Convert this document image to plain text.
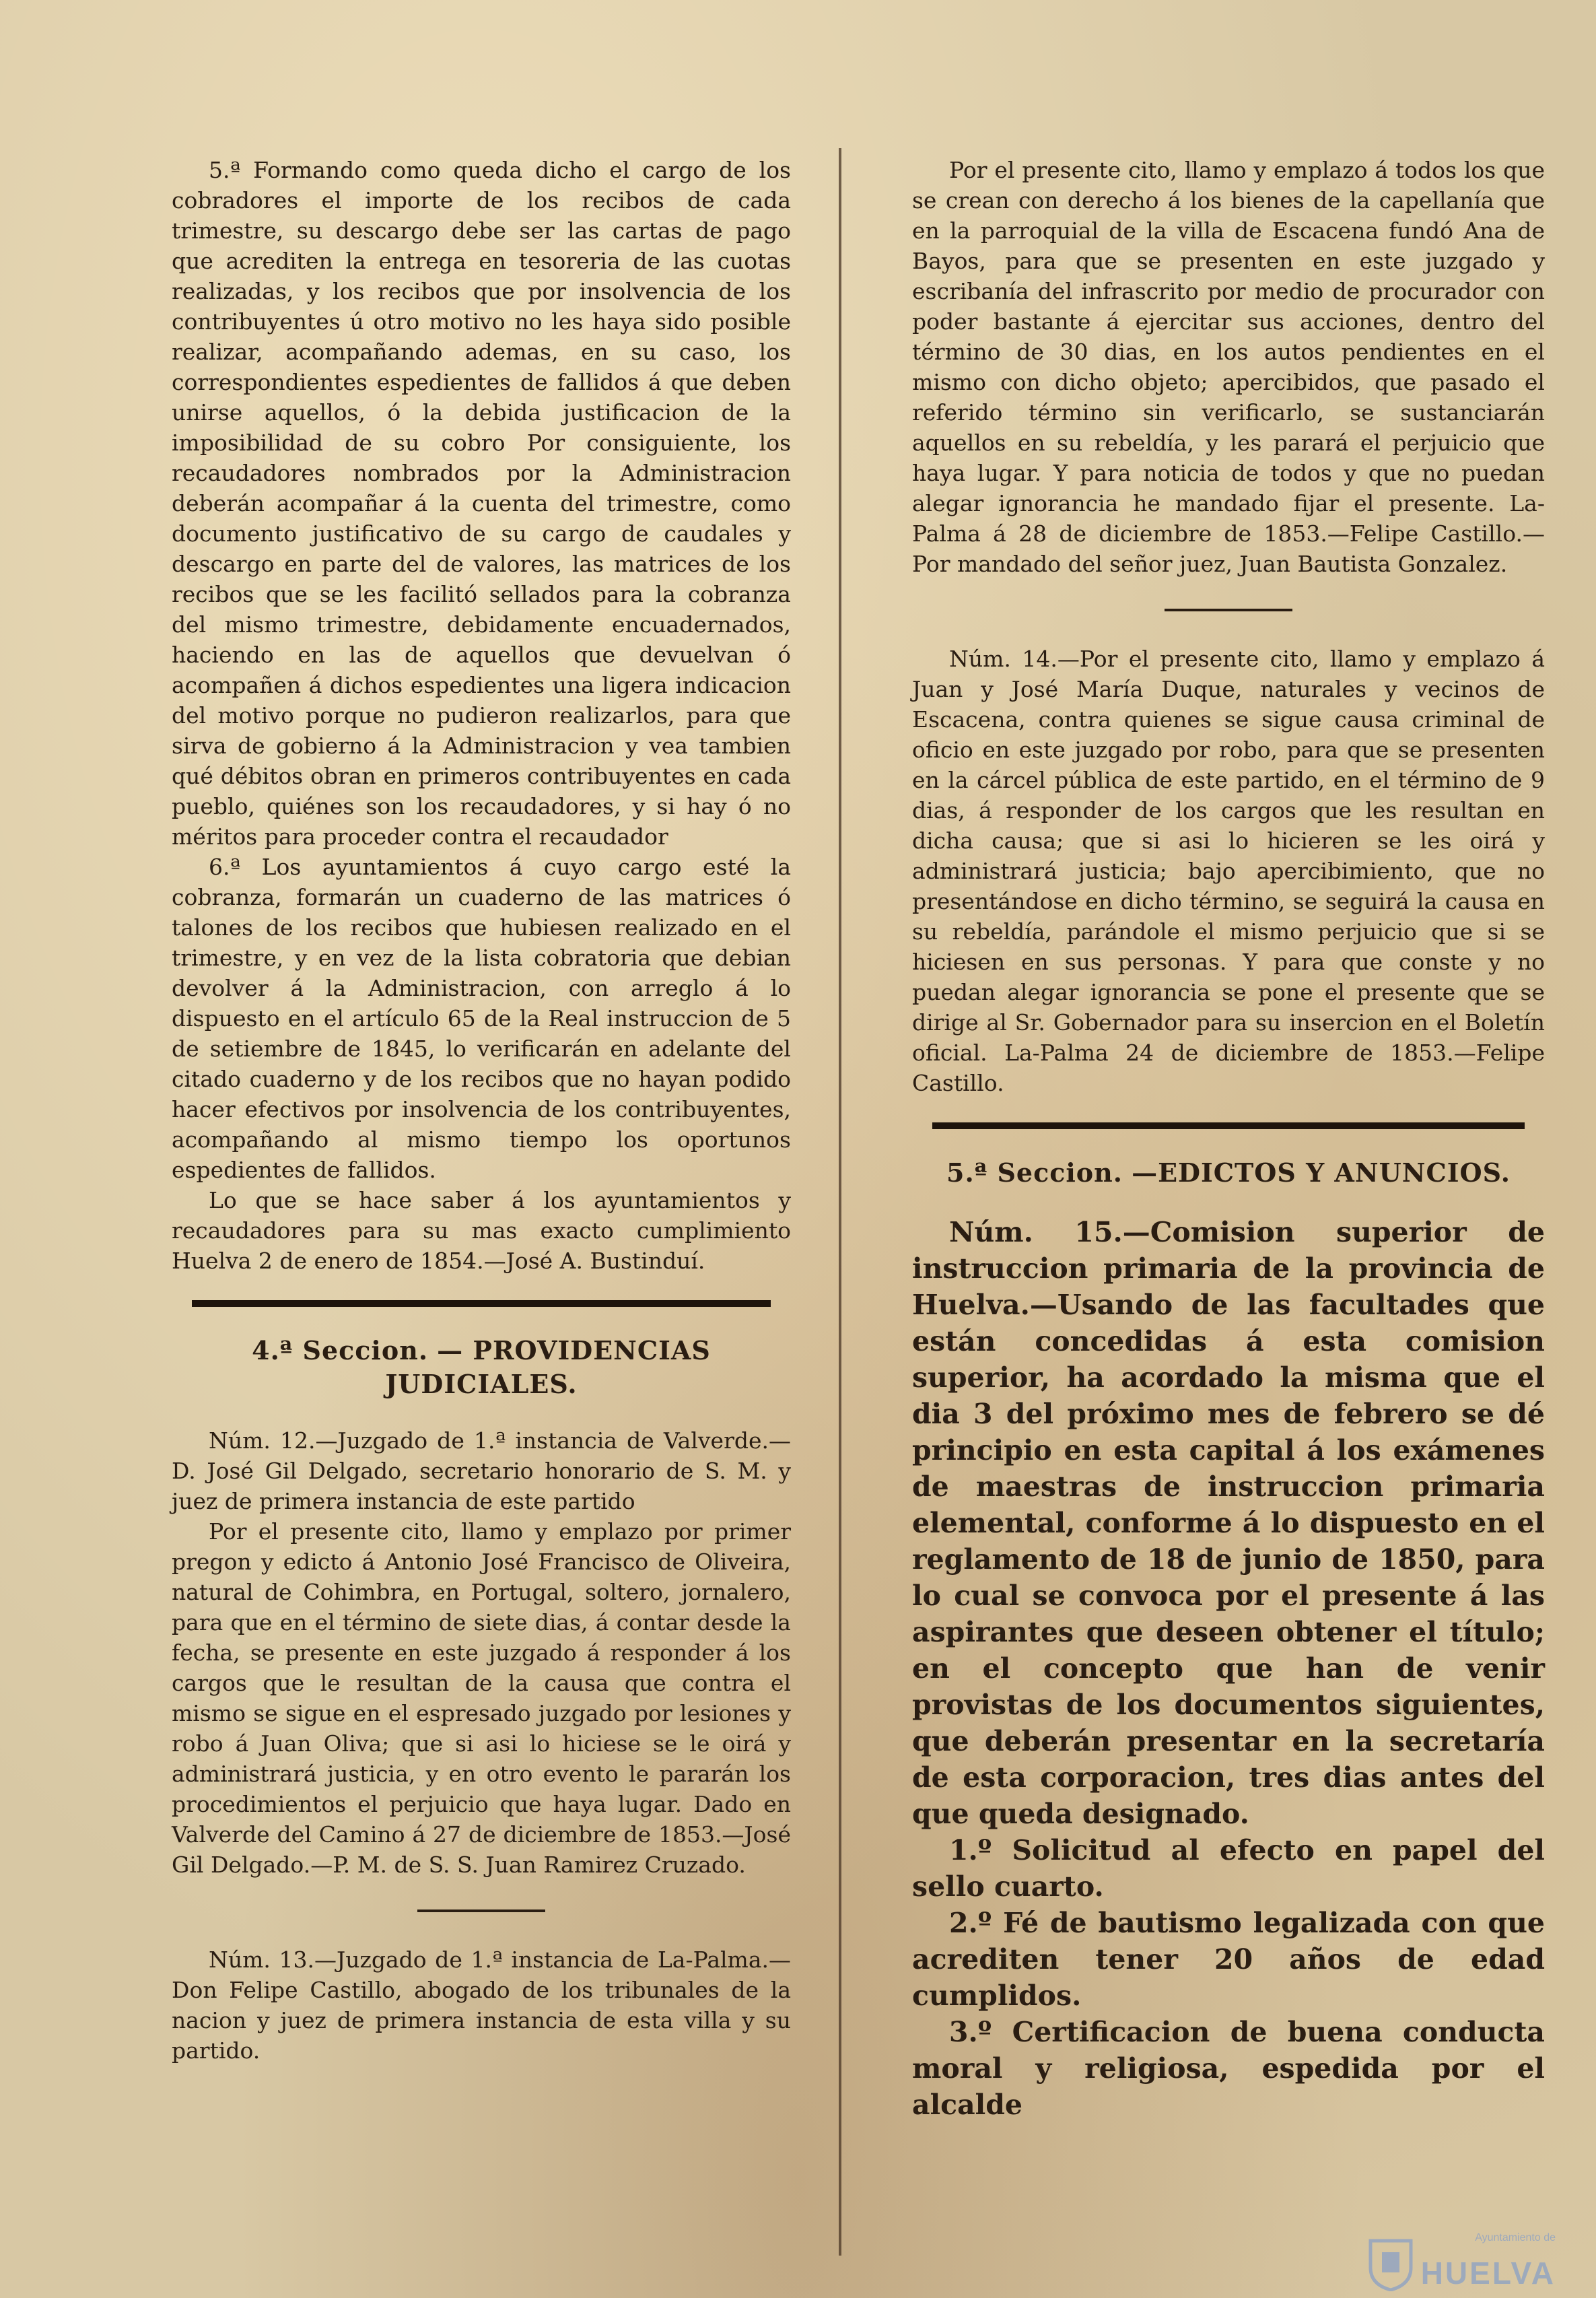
5.ª Formando como queda dicho el cargo de los cobradores el importe de los recibos de cada trimestre, su descargo debe ser las cartas de pago que acrediten la entrega en tesoreria de las cuotas realizadas, y los recibos que por insolvencia de los contribuyentes ú otro motivo no les haya sido posible realizar, acompañando ademas, en su caso, los correspondientes espedientes de fallidos á que deben unirse aquellos, ó la debida justificacion de la imposibilidad de su cobro Por consiguiente, los recaudadores nombrados por la Administracion deberán acompañar á la cuenta del trimestre, como documento justificativo de su cargo de caudales y descargo en parte del de valores, las matrices de los recibos que se les facilitó sellados para la cobranza del mismo trimestre, debidamente encuadernados, haciendo en las de aquellos que devuelvan ó acompañen á dichos espedientes una ligera indicacion del motivo porque no pudieron realizarlos, para que sirva de gobierno á la Administracion y vea tambien qué débitos obran en primeros contribuyentes en cada pueblo, quiénes son los recaudadores, y si hay ó no méritos para proceder contra el recaudador

6.ª Los ayuntamientos á cuyo cargo esté la cobranza, formarán un cuaderno de las matrices ó talones de los recibos que hubiesen realizado en el trimestre, y en vez de la lista cobratoria que debian devolver á la Administracion, con arreglo á lo dispuesto en el artículo 65 de la Real instruccion de 5 de setiembre de 1845, lo verificarán en adelante del citado cuaderno y de los recibos que no hayan podido hacer efectivos por insolvencia de los contribuyentes, acompañando al mismo tiempo los oportunos espedientes de fallidos.

Lo que se hace saber á los ayuntamientos y recaudadores para su mas exacto cumplimiento Huelva 2 de enero de 1854.—José A. Bustinduí.

4.ª Seccion. — PROVIDENCIAS JUDICIALES.

Núm. 12.—Juzgado de 1.ª instancia de Valverde.—D. José Gil Delgado, secretario honorario de S. M. y juez de primera instancia de este partido

Por el presente cito, llamo y emplazo por primer pregon y edicto á Antonio José Francisco de Oliveira, natural de Cohimbra, en Portugal, soltero, jornalero, para que en el término de siete dias, á contar desde la fecha, se presente en este juzgado á responder á los cargos que le resultan de la causa que contra el mismo se sigue en el espresado juzgado por lesiones y robo á Juan Oliva; que si asi lo hiciese se le oirá y administrará justicia, y en otro evento le pararán los procedimientos el perjuicio que haya lugar. Dado en Valverde del Camino á 27 de diciembre de 1853.—José Gil Delgado.—P. M. de S. S. Juan Ramirez Cruzado.

Núm. 13.—Juzgado de 1.ª instancia de La-Palma.—Don Felipe Castillo, abogado de los tribunales de la nacion y juez de primera instancia de esta villa y su partido.

Por el presente cito, llamo y emplazo á todos los que se crean con derecho á los bienes de la capellanía que en la parroquial de la villa de Escacena fundó Ana de Bayos, para que se presenten en este juzgado y escribanía del infrascrito por medio de procurador con poder bastante á ejercitar sus acciones, dentro del término de 30 dias, en los autos pendientes en el mismo con dicho objeto; apercibidos, que pasado el referido término sin verificarlo, se sustanciarán aquellos en su rebeldía, y les parará el perjuicio que haya lugar. Y para noticia de todos y que no puedan alegar ignorancia he mandado fijar el presente. La-Palma á 28 de diciembre de 1853.—Felipe Castillo.—Por mandado del señor juez, Juan Bautista Gonzalez.

Núm. 14.—Por el presente cito, llamo y emplazo á Juan y José María Duque, naturales y vecinos de Escacena, contra quienes se sigue causa criminal de oficio en este juzgado por robo, para que se presenten en la cárcel pública de este partido, en el término de 9 dias, á responder de los cargos que les resultan en dicha causa; que si asi lo hicieren se les oirá y administrará justicia; bajo apercibimiento, que no presentándose en dicho término, se seguirá la causa en su rebeldía, parándole el mismo perjuicio que si se hiciesen en sus personas. Y para que conste y no puedan alegar ignorancia se pone el presente que se dirige al Sr. Gobernador para su insercion en el Boletín oficial. La-Palma 24 de diciembre de 1853.—Felipe Castillo.

5.ª Seccion. —EDICTOS Y ANUNCIOS.

Núm. 15.—Comision superior de instruccion primaria de la provincia de Huelva.—Usando de las facultades que están concedidas á esta comision superior, ha acordado la misma que el dia 3 del próximo mes de febrero se dé principio en esta capital á los exámenes de maestras de instruccion primaria elemental, conforme á lo dispuesto en el reglamento de 18 de junio de 1850, para lo cual se convoca por el presente á las aspirantes que deseen obtener el título; en el concepto que han de venir provistas de los documentos siguientes, que deberán presentar en la secretaría de esta corporacion, tres dias antes del que queda designado.

1.º Solicitud al efecto en papel del sello cuarto.

2.º Fé de bautismo legalizada con que acrediten tener 20 años de edad cumplidos.

3.º Certificacion de buena conducta moral y religiosa, espedida por el alcalde

Ayuntamiento de
HUELVA
